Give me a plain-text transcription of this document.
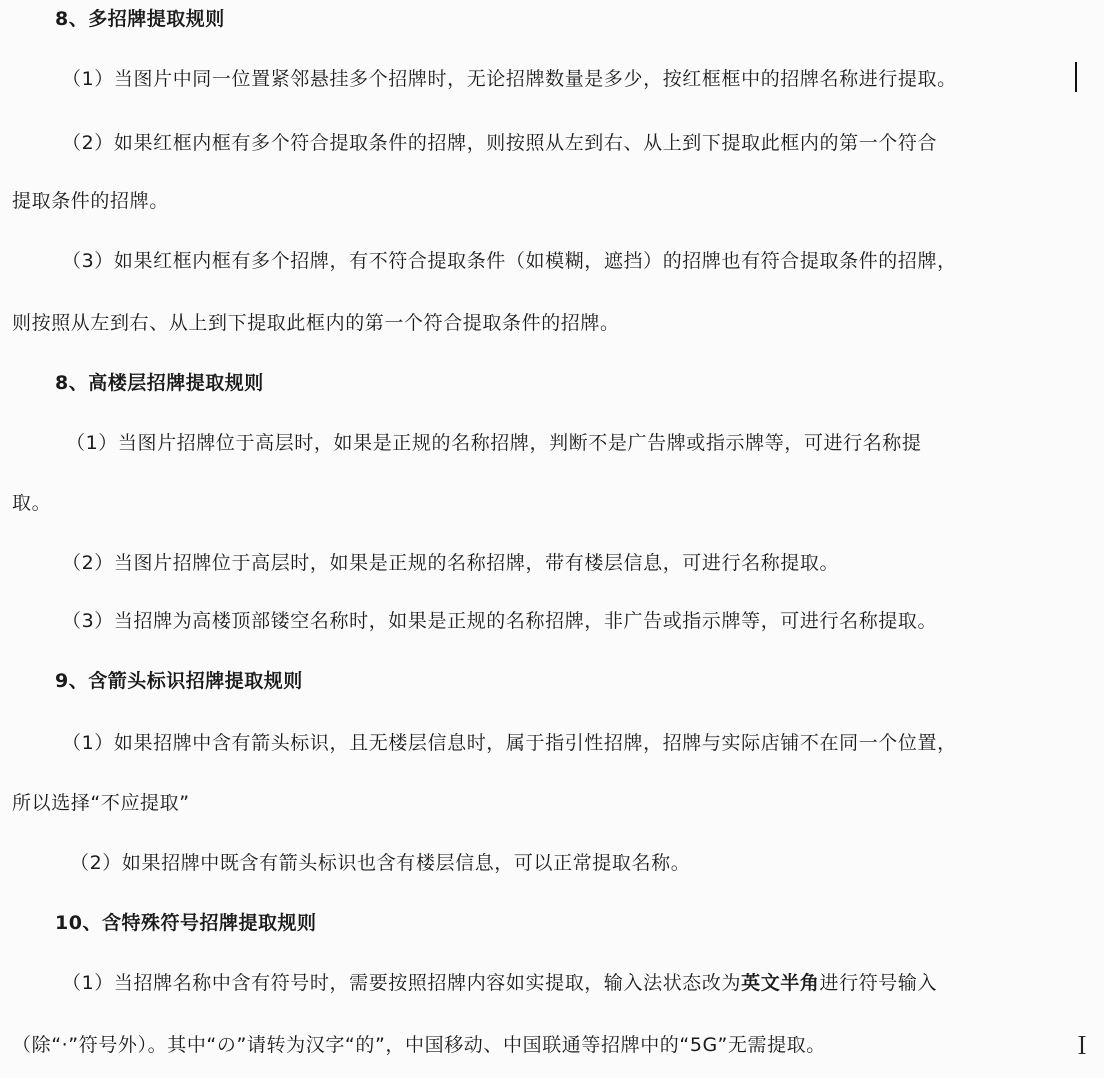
8、多招牌提取规则
（1）当图片中同一位置紧邻悬挂多个招牌时，无论招牌数量是多少，按红框框中的招牌名称进行提取。
（2）如果红框内框有多个符合提取条件的招牌，则按照从左到右、从上到下提取此框内的第一个符合
提取条件的招牌。
（3）如果红框内框有多个招牌，有不符合提取条件（如模糊，遮挡）的招牌也有符合提取条件的招牌，
则按照从左到右、从上到下提取此框内的第一个符合提取条件的招牌。
8、高楼层招牌提取规则
（1）当图片招牌位于高层时，如果是正规的名称招牌，判断不是广告牌或指示牌等，可进行名称提
取。
（2）当图片招牌位于高层时，如果是正规的名称招牌，带有楼层信息，可进行名称提取。
（3）当招牌为高楼顶部镂空名称时，如果是正规的名称招牌，非广告或指示牌等，可进行名称提取。
9、含箭头标识招牌提取规则
（1）如果招牌中含有箭头标识，且无楼层信息时，属于指引性招牌，招牌与实际店铺不在同一个位置，
所以选择“不应提取”
（2）如果招牌中既含有箭头标识也含有楼层信息，可以正常提取名称。
10、含特殊符号招牌提取规则
（1）当招牌名称中含有符号时，需要按照招牌内容如实提取，输入法状态改为英文半角进行符号输入
（除“·”符号外）。其中“の”请转为汉字“的”，中国移动、中国联通等招牌中的“5G”无需提取。	Ｉ
